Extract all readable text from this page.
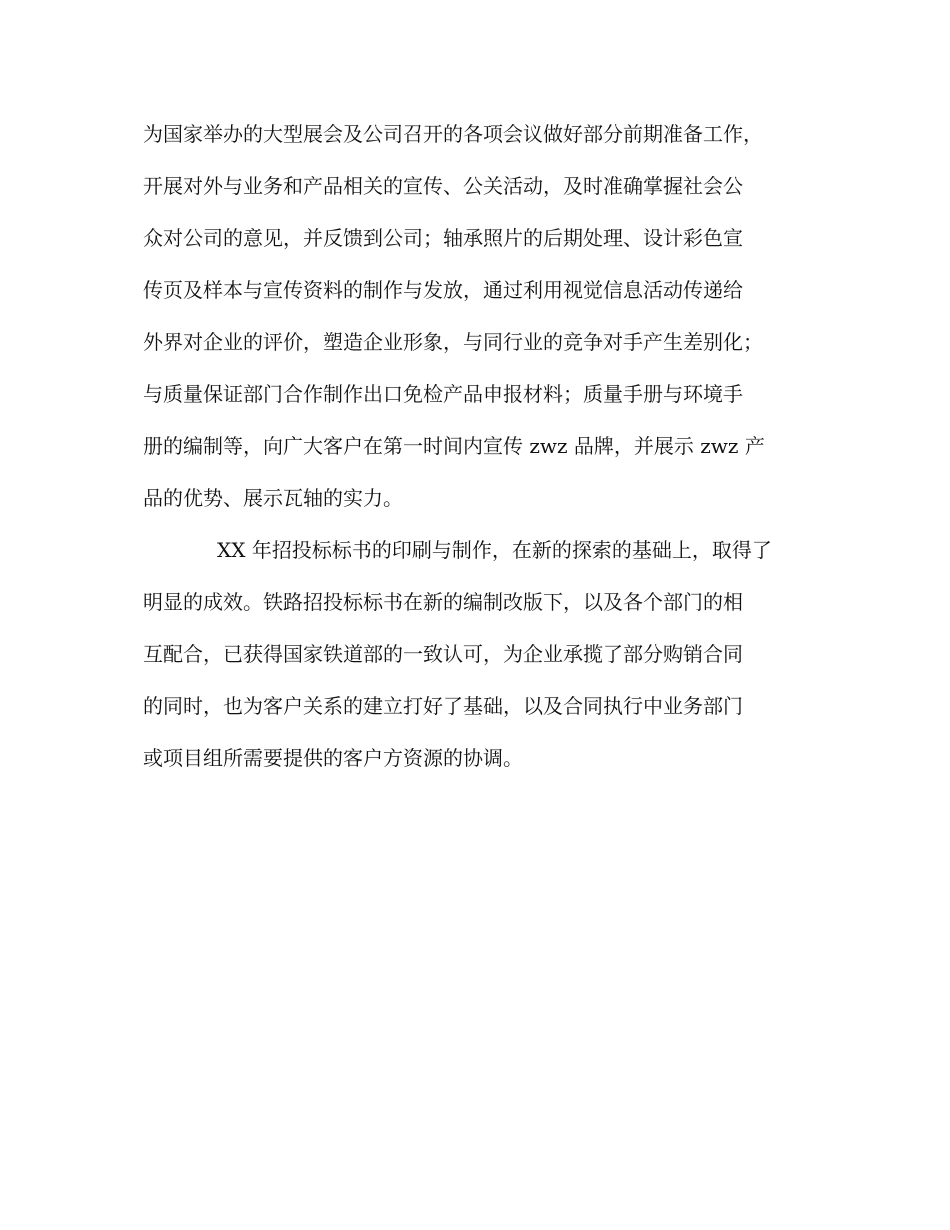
为国家举办的大型展会及公司召开的各项会议做好部分前期准备工作，
开展对外与业务和产品相关的宣传、公关活动，及时准确掌握社会公
众对公司的意见，并反馈到公司；轴承照片的后期处理、设计彩色宣
传页及样本与宣传资料的制作与发放，通过利用视觉信息活动传递给
外界对企业的评价，塑造企业形象，与同行业的竞争对手产生差别化；
与质量保证部门合作制作出口免检产品申报材料；质量手册与环境手
册的编制等，向广大客户在第一时间内宣传 zwz 品牌，并展示 zwz 产
品的优势、展示瓦轴的实力。
XX 年招投标标书的印刷与制作，在新的探索的基础上，取得了
明显的成效。铁路招投标标书在新的编制改版下，以及各个部门的相
互配合，已获得国家铁道部的一致认可，为企业承揽了部分购销合同
的同时，也为客户关系的建立打好了基础，以及合同执行中业务部门
或项目组所需要提供的客户方资源的协调。
